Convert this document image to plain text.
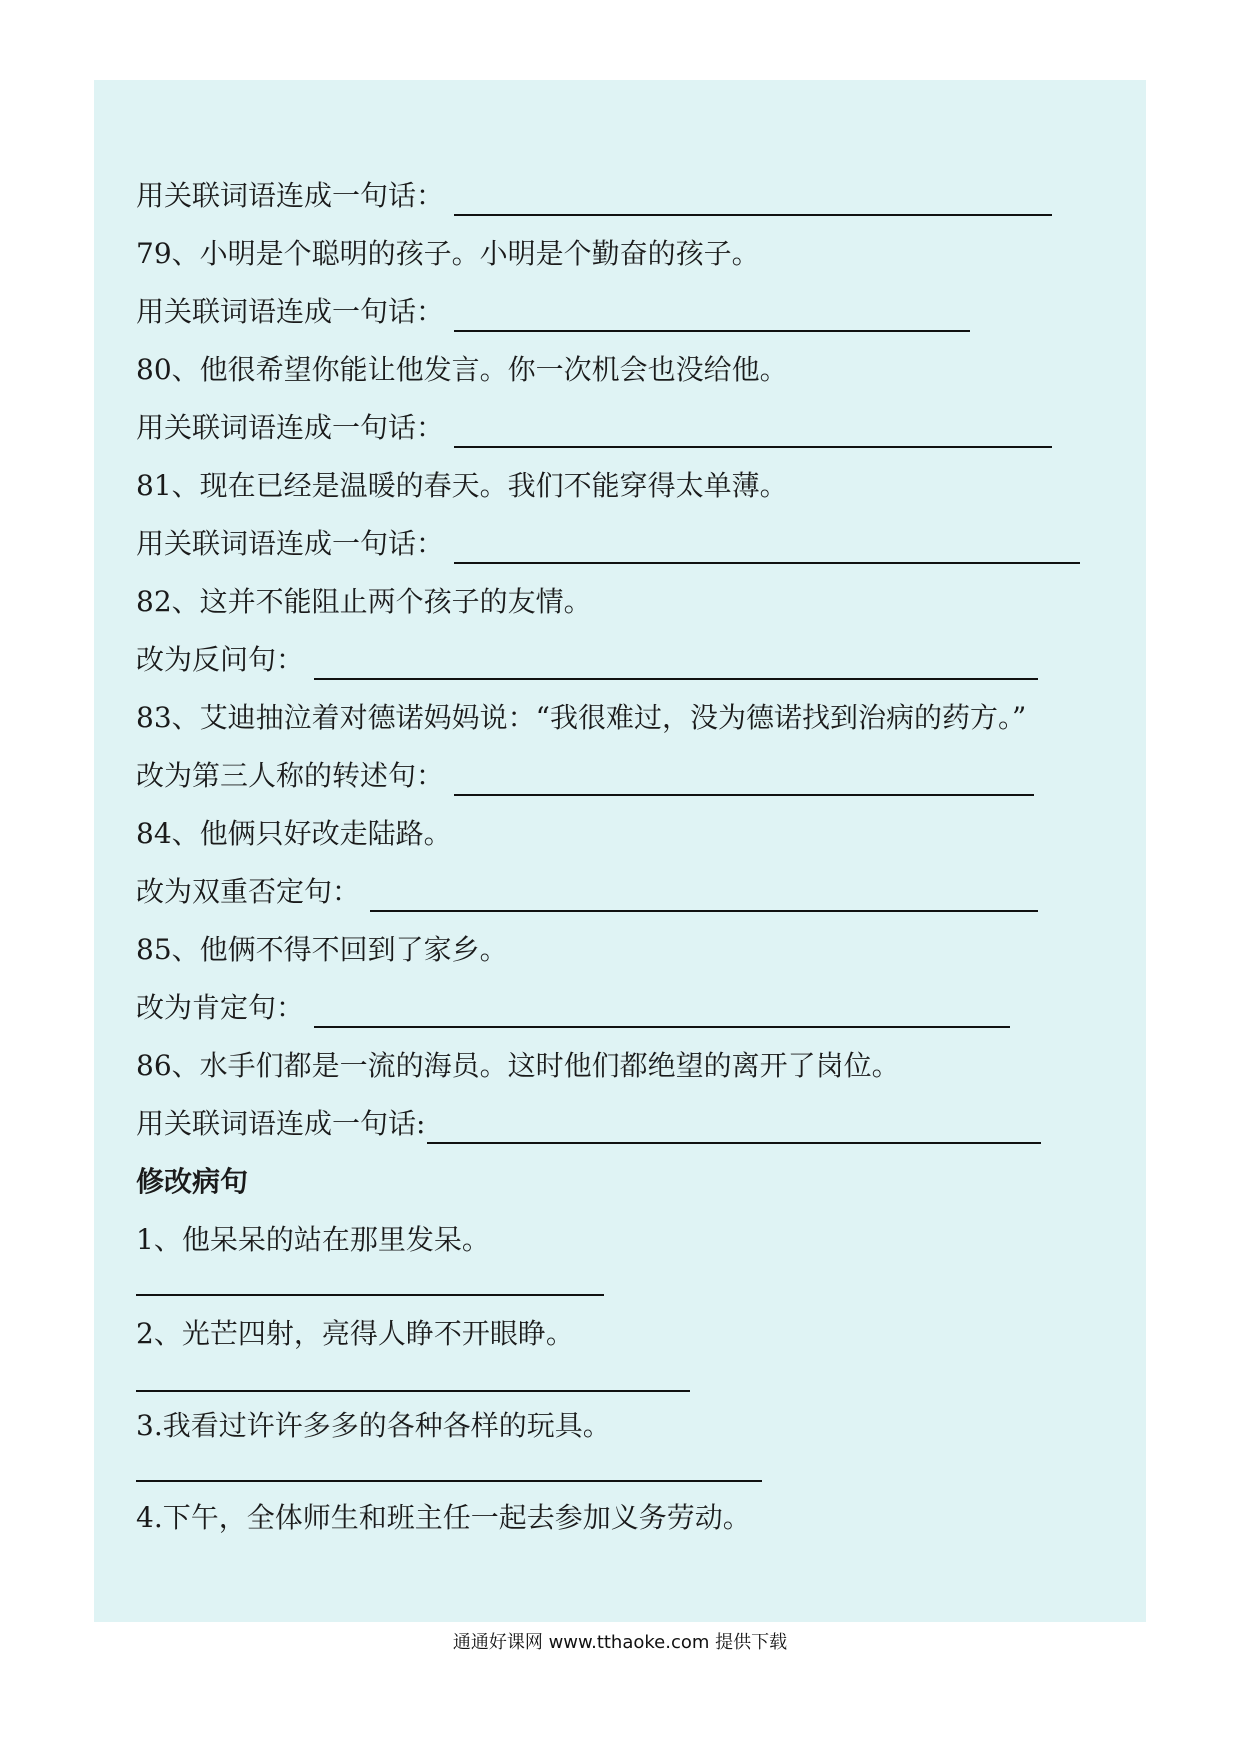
用关联词语连成一句话：
79、小明是个聪明的孩子。小明是个勤奋的孩子。
用关联词语连成一句话：
80、他很希望你能让他发言。你一次机会也没给他。
用关联词语连成一句话：
81、现在已经是温暖的春天。我们不能穿得太单薄。
用关联词语连成一句话：
82、这并不能阻止两个孩子的友情。
改为反问句：
83、艾迪抽泣着对德诺妈妈说：“我很难过，没为德诺找到治病的药方。”
改为第三人称的转述句：
84、他俩只好改走陆路。
改为双重否定句：
85、他俩不得不回到了家乡。
改为肯定句：
86、水手们都是一流的海员。这时他们都绝望的离开了岗位。
用关联词语连成一句话:
修改病句
1、他呆呆的站在那里发呆。
2、光芒四射，亮得人睁不开眼睁。
3.我看过许许多多的各种各样的玩具。
4.下午，全体师生和班主任一起去参加义务劳动。
通通好课网 www.tthaoke.com 提供下载
